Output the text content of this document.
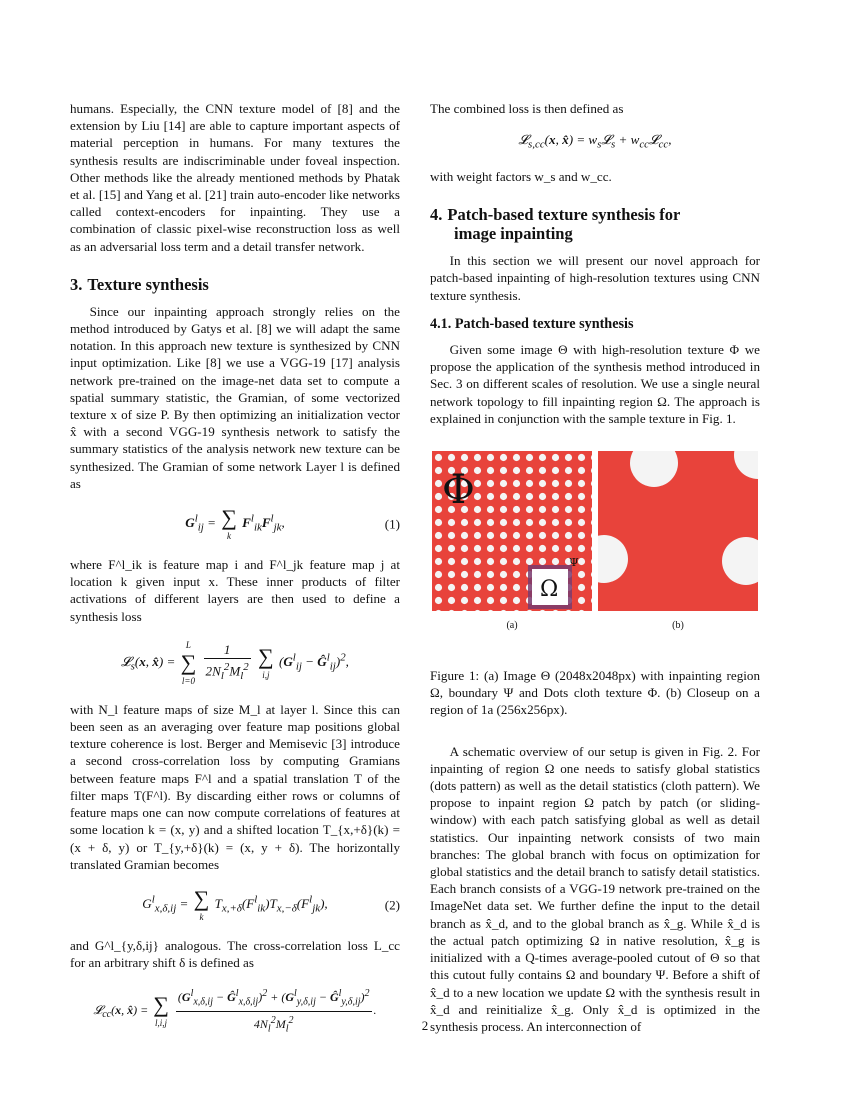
humans. Especially, the CNN texture model of [8] and the extension by Liu [14] are able to capture important aspects of material perception in humans. For many textures the synthesis results are indiscriminable under foveal inspection. Other methods like the already mentioned methods by Phatak et al. [15] and Yang et al. [21] train auto-encoder like networks called context-encoders for inpainting. They use a combination of classic pixel-wise reconstruction loss as well as an adversarial loss term and a detail transfer network.

3. Texture synthesis

Since our inpainting approach strongly relies on the method introduced by Gatys et al. [8] we will adapt the same notation. In this approach new texture is synthesized by CNN input optimization. Like [8] we use a VGG-19 [17] analysis network pre-trained on the image-net data set to compute a spatial summary statistic, the Gramian, of some vectorized texture x of size P. By then optimizing an initialization vector x̂ with a second VGG-19 synthesis network to satisfy the summary statistics of the analysis network new texture can be synthesized. The Gramian of some network Layer l is defined as

$G^l_{ij}$ = ∑
k
$F^l_{ik}F^l_{jk}$,	(1)

where F^l_ik is feature map i and F^l_jk feature map j at location k given input x. These inner products of filter activations of different layers are then used to define a synthesis loss

𝓛$_s$(x, x̂) =
L
∑
l=0
$\frac{1}{2N_l^2M_l^2}$
∑
i,j
($G^l_{ij}$ − $Ĝ^l_{ij})^2$,

with N_l feature maps of size M_l at layer l. Since this can been seen as an averaging over feature map positions global texture coherence is lost. Berger and Memisevic [3] introduce a second cross-correlation loss by computing Gramians between feature maps F^l and a spatial translation T of the filter maps T(F^l). By discarding either rows or columns of feature maps one can now compute correlations of features at some location k = (x, y) and a shifted location T_{x,+δ}(k) = (x + δ, y) or T_{y,+δ}(k) = (x, y + δ). The horizontally translated Gramian becomes

$G^l_{x,\delta,ij}$ = ∑
k
$T_{x,+\delta}(F^l_{ik})T_{x,-\delta}(F^l_{jk})$,	(2)

and G^l_{y,δ,ij} analogous. The cross-correlation loss L_cc for an arbitrary shift δ is defined as

𝓛$_{cc}$(x, x̂) = ∑
l,i,j
$\frac{(G^l_{x,\delta,ij} - Ĝ^l_{x,\delta,ij})^2 + (G^l_{y,\delta,ij} - Ĝ^l_{y,\delta,ij})^2}{4N_l^2M_l^2}$ .

The combined loss is then defined as

𝓛$_{s,cc}$(x, x̂) = $w_s𝓛_s$ + $w_{cc}𝓛_{cc}$,

with weight factors w_s and w_cc.

4. Patch-based texture synthesis for
image inpainting

In this section we will present our novel approach for patch-based inpainting of high-resolution textures using CNN texture synthesis.

4.1. Patch-based texture synthesis

Given some image Θ with high-resolution texture Φ we propose the application of the synthesis method introduced in Sec. 3 on different scales of resolution. We use a single neural network topology to fill inpainting region Ω. The approach is explained in conjunction with the sample texture in Fig. 1.

Φ
Ω
Ψ
(a)	(b)

Figure 1: (a) Image Θ (2048x2048px) with inpainting region Ω, boundary Ψ and Dots cloth texture Φ. (b) Closeup on a region of 1a (256x256px).

A schematic overview of our setup is given in Fig. 2. For inpainting of region Ω one needs to satisfy global statistics (dots pattern) as well as the detail statistics (cloth pattern). We propose to inpaint region Ω patch by patch (or sliding-window) with each patch satisfying global as well as detail statistics. Our inpainting network consists of two main branches: The global branch with focus on optimization for global statistics and the detail branch to satisfy detail statistics. Each branch consists of a VGG-19 network pre-trained on the ImageNet data set. We further define the input to the detail branch as x̂_d, and to the global branch as x̂_g. While x̂_d is the actual patch optimizing Ω in native resolution, x̂_g is initialized with a Q-times average-pooled cutout of Θ so that this cutout fully contains Ω and boundary Ψ. Before a shift of x̂_d to a new location we update Ω with the synthesis result in x̂_d and reinitialize x̂_g. Only x̂_d is optimized in the synthesis process. An interconnection of

2
